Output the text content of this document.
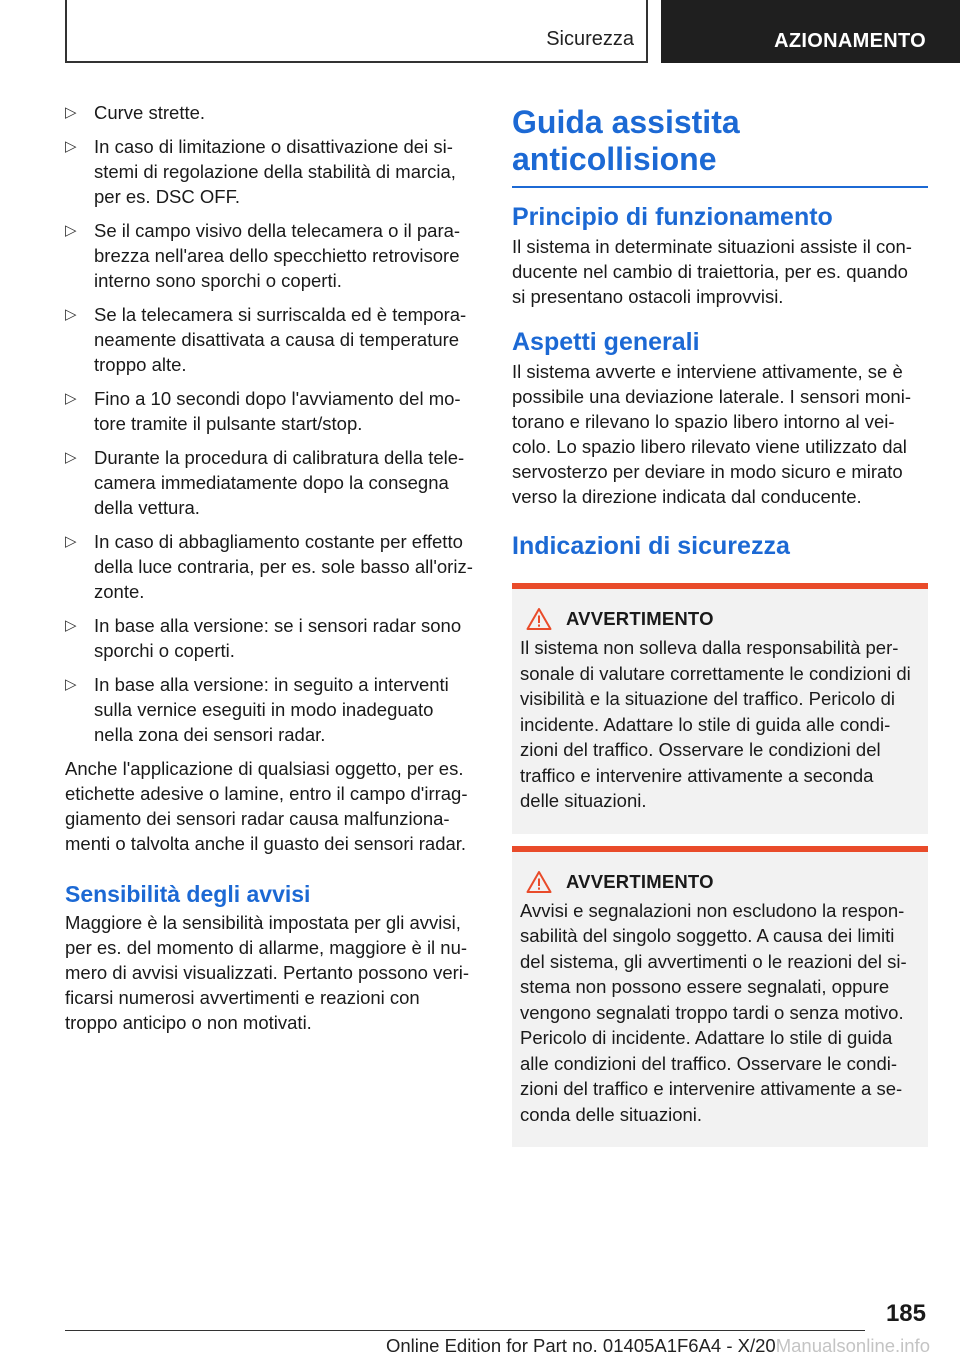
Sicurezza	AZIONAMENTO
▷ Curve strette.
▷ In caso di limitazione o disattivazione dei si-
stemi di regolazione della stabilità di marcia,
per es. DSC OFF.
▷ Se il campo visivo della telecamera o il para-
brezza nell'area dello specchietto retrovisore
interno sono sporchi o coperti.
▷ Se la telecamera si surriscalda ed è tempora-
neamente disattivata a causa di temperature
troppo alte.
▷ Fino a 10 secondi dopo l'avviamento del mo-
tore tramite il pulsante start/stop.
▷ Durante la procedura di calibratura della tele-
camera immediatamente dopo la consegna
della vettura.
▷ In caso di abbagliamento costante per effetto
della luce contraria, per es. sole basso all'oriz-
zonte.
▷ In base alla versione: se i sensori radar sono
sporchi o coperti.
▷ In base alla versione: in seguito a interventi
sulla vernice eseguiti in modo inadeguato
nella zona dei sensori radar.

Anche l'applicazione di qualsiasi oggetto, per es.
etichette adesive o lamine, entro il campo d'irrag-
giamento dei sensori radar causa malfunziona-
menti o talvolta anche il guasto dei sensori radar.

Sensibilità degli avvisi

Maggiore è la sensibilità impostata per gli avvisi,
per es. del momento di allarme, maggiore è il nu-
mero di avvisi visualizzati. Pertanto possono veri-
ficarsi numerosi avvertimenti e reazioni con
troppo anticipo o non motivati.

Guida assistita
anticollisione
Principio di funzionamento

Il sistema in determinate situazioni assiste il con-
ducente nel cambio di traiettoria, per es. quando
si presentano ostacoli improvvisi.

Aspetti generali

Il sistema avverte e interviene attivamente, se è
possibile una deviazione laterale. I sensori moni-
torano e rilevano lo spazio libero intorno al vei-
colo. Lo spazio libero rilevato viene utilizzato dal
servosterzo per deviare in modo sicuro e mirato
verso la direzione indicata dal conducente.

Indicazioni di sicurezza
AVVERTIMENTO

Il sistema non solleva dalla responsabilità per-
sonale di valutare correttamente le condizioni di
visibilità e la situazione del traffico. Pericolo di
incidente. Adattare lo stile di guida alle condi-
zioni del traffico. Osservare le condizioni del
traffico e intervenire attivamente a seconda
delle situazioni.

AVVERTIMENTO

Avvisi e segnalazioni non escludono la respon-
sabilità del singolo soggetto. A causa dei limiti
del sistema, gli avvertimenti o le reazioni del si-
stema non possono essere segnalati, oppure
vengono segnalati troppo tardi o senza motivo.
Pericolo di incidente. Adattare lo stile di guida
alle condizioni del traffico. Osservare le condi-
zioni del traffico e intervenire attivamente a se-
conda delle situazioni.

185
Online Edition for Part no. 01405A1F6A4 - X/20Manualsonline.info
